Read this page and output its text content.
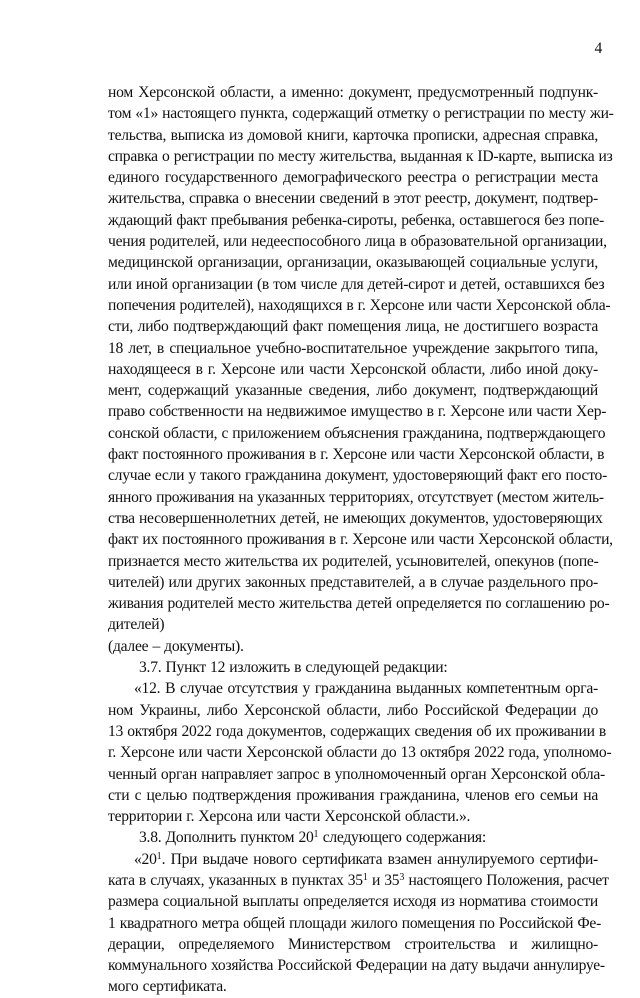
4
ном Херсонской области, а именно: документ, предусмотренный подпунк-
том «1» настоящего пункта, содержащий отметку о регистрации по месту жи-
тельства, выписка из домовой книги, карточка прописки, адресная справка,
справка о регистрации по месту жительства, выданная к ID-карте, выписка из
единого государственного демографического реестра о регистрации места
жительства, справка о внесении сведений в этот реестр, документ, подтвер-
ждающий факт пребывания ребенка-сироты, ребенка, оставшегося без попе-
чения родителей, или недееспособного лица в образовательной организации,
медицинской организации, организации, оказывающей социальные услуги,
или иной организации (в том числе для детей-сирот и детей, оставшихся без
попечения родителей), находящихся в г. Херсоне или части Херсонской обла-
сти, либо подтверждающий факт помещения лица, не достигшего возраста
18 лет, в специальное учебно-воспитательное учреждение закрытого типа,
находящееся в г. Херсоне или части Херсонской области, либо иной доку-
мент, содержащий указанные сведения, либо документ, подтверждающий
право собственности на недвижимое имущество в г. Херсоне или части Хер-
сонской области, с приложением объяснения гражданина, подтверждающего
факт постоянного проживания в г. Херсоне или части Херсонской области, в
случае если у такого гражданина документ, удостоверяющий факт его посто-
янного проживания на указанных территориях, отсутствует (местом житель-
ства несовершеннолетних детей, не имеющих документов, удостоверяющих
факт их постоянного проживания в г. Херсоне или части Херсонской области,
признается место жительства их родителей, усыновителей, опекунов (попе-
чителей) или других законных представителей, а в случае раздельного про-
живания родителей место жительства детей определяется по соглашению ро-
дителей)
(далее – документы).
3.7. Пункт 12 изложить в следующей редакции:
«12. В случае отсутствия у гражданина выданных компетентным орга-
ном Украины, либо Херсонской области, либо Российской Федерации до
13 октября 2022 года документов, содержащих сведения об их проживании в
г. Херсоне или части Херсонской области до 13 октября 2022 года, уполномо-
ченный орган направляет запрос в уполномоченный орган Херсонской обла-
сти с целью подтверждения проживания гражданина, членов его семьи на
территории г. Херсона или части Херсонской области.».
3.8. Дополнить пунктом $20^1$ следующего содержания:
«$20^1$. При выдаче нового сертификата взамен аннулируемого сертифи-
ката в случаях, указанных в пунктах $35^1$ и $35^3$ настоящего Положения, расчет
размера социальной выплаты определяется исходя из норматива стоимости
1 квадратного метра общей площади жилого помещения по Российской Фе-
дерации, определяемого Министерством строительства и жилищно-
коммунального хозяйства Российской Федерации на дату выдачи аннулируе-
мого сертификата.
